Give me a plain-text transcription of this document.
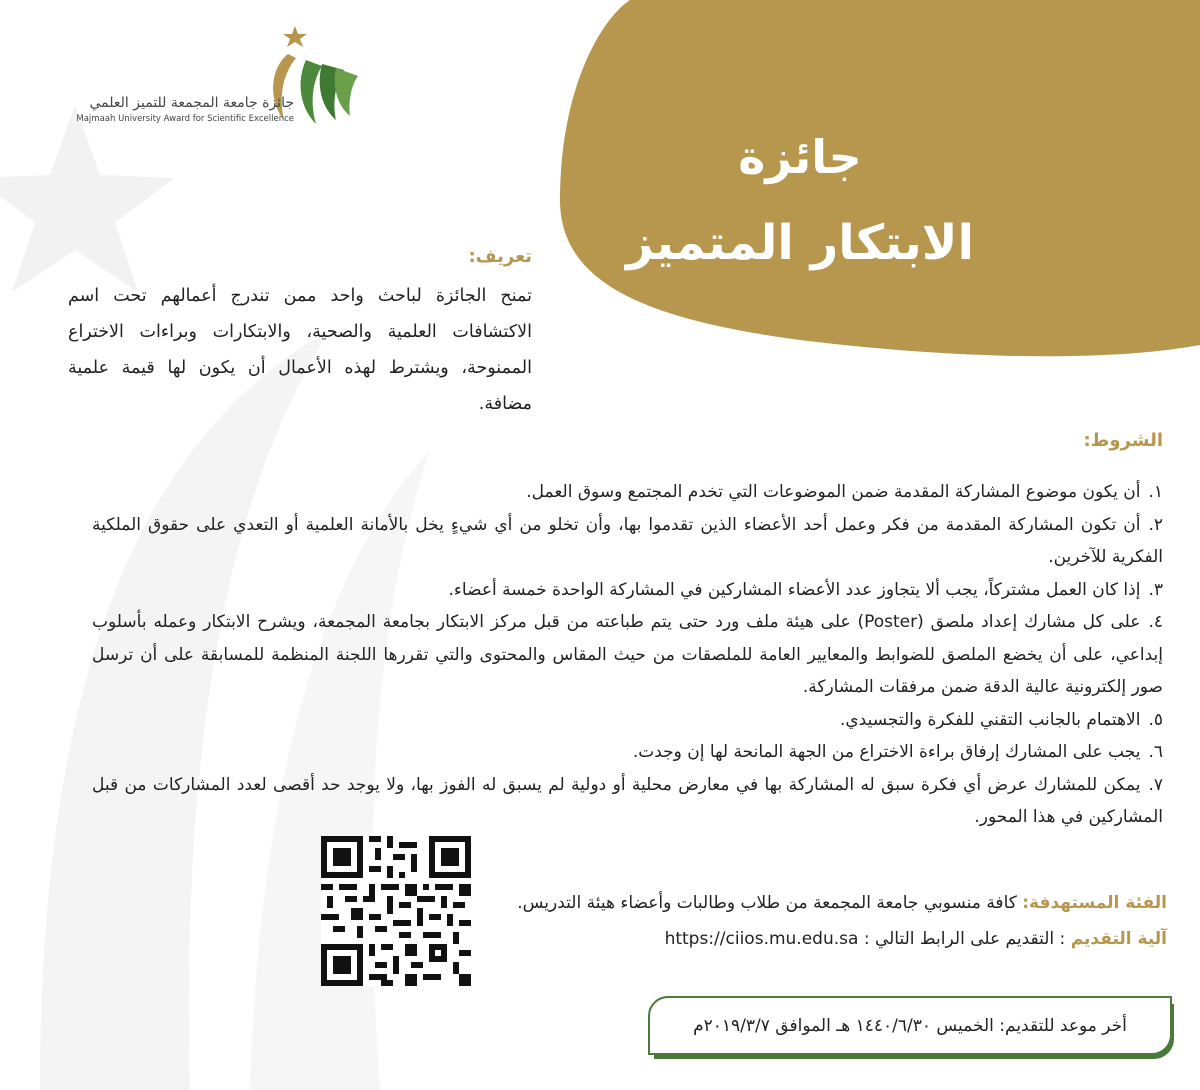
جائزة جامعة المجمعة للتميز العلمي
Majmaah University Award for Scientific Excellence
جائزة
الابتكار المتميز
تعريف:
تمنح الجائزة لباحث واحد ممن تندرج أعمالهم تحت اسم الاكتشافات العلمية والصحية، والابتكارات وبراءات الاختراع الممنوحة، ويشترط لهذه الأعمال أن يكون لها قيمة علمية مضافة.
الشروط:
١.أن يكون موضوع المشاركة المقدمة ضمن الموضوعات التي تخدم المجتمع وسوق العمل.
٢.أن تكون المشاركة المقدمة من فكر وعمل أحد الأعضاء الذين تقدموا بها، وأن تخلو من أي شيءٍ يخل بالأمانة العلمية أو التعدي على حقوق الملكية الفكرية للآخرين.
٣.إذا كان العمل مشتركاً، يجب ألا يتجاوز عدد الأعضاء المشاركين في المشاركة الواحدة خمسة أعضاء.
٤.على كل مشارك إعداد ملصق (Poster) على هيئة ملف ورد حتى يتم طباعته من قبل مركز الابتكار بجامعة المجمعة، ويشرح الابتكار وعمله بأسلوب إبداعي، على أن يخضع الملصق للضوابط والمعايير العامة للملصقات من حيث المقاس والمحتوى والتي تقررها اللجنة المنظمة للمسابقة على أن ترسل صور إلكترونية عالية الدقة ضمن مرفقات المشاركة.
٥.الاهتمام بالجانب التقني للفكرة والتجسيدي.
٦.يجب على المشارك إرفاق براءة الاختراع من الجهة المانحة لها إن وجدت.
٧.يمكن للمشارك عرض أي فكرة سبق له المشاركة بها في معارض محلية أو دولية لم يسبق له الفوز بها، ولا يوجد حد أقصى لعدد المشاركات من قبل المشاركين في هذا المحور.
الفئة المستهدفة: كافة منسوبي جامعة المجمعة من طلاب وطالبات وأعضاء هيئة التدريس.
آلية التقديم : التقديم على الرابط التالي : https://ciios.mu.edu.sa
أخر موعد للتقديم: الخميس ١٤٤٠/٦/٣٠ هـ الموافق ٢٠١٩/٣/٧م
